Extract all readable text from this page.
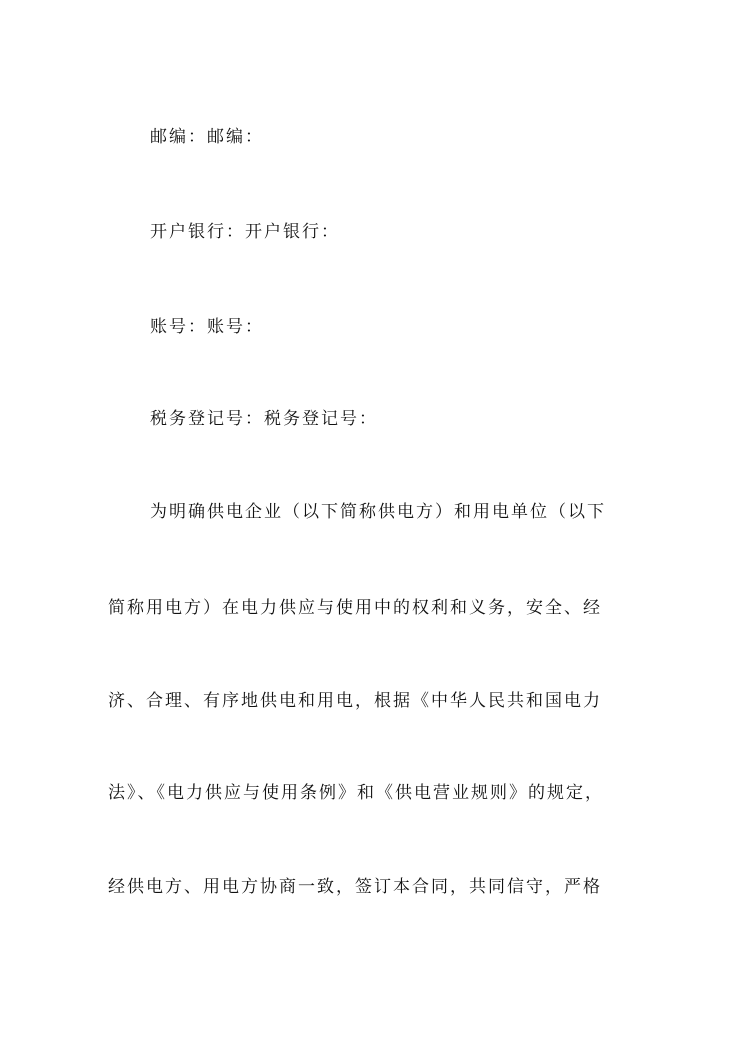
邮编：邮编：
开户银行：开户银行：
账号：账号：
税务登记号：税务登记号：
为明确供电企业（以下简称供电方）和用电单位（以下
简称用电方）在电力供应与使用中的权利和义务，安全、经
济、合理、有序地供电和用电，根据《中华人民共和国电力
法》、《电力供应与使用条例》和《供电营业规则》的规定，
经供电方、用电方协商一致，签订本合同，共同信守，严格
